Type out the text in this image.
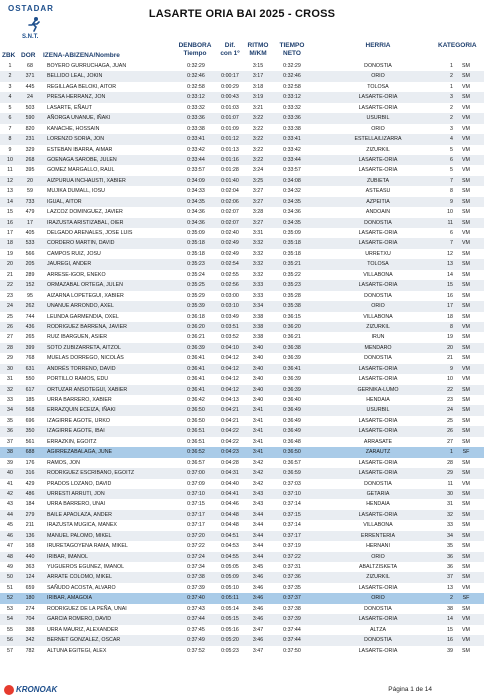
OSTADAR
S.N.T.
LASARTE ORIA BAI 2025 - CROSS
ZBK DOR IZENA-ABIZENA/Nombre
DENBORA
Tiempo
Dif.
con 1º
RITMO
M/KM
TIEMPO
NETO
HERRIA	KATEGORIA
1	68	BOYERO GURRUCHAGA, JUAN	0:32:29	3:15	0:32:29	DONOSTIA	1	SM
2	371	BELLIDO LEAL, JOKIN	0:32:46	0:00:17	3:17	0:32:46	ORIO	2	SM
3	445	REGILLAGA BELOKI, AITOR	0:32:58	0:00:29	3:18	0:32:58	TOLOSA	1	VM
4	24	PRESA HERRANZ, JON	0:33:12	0:00:43	3:19	0:33:12	LASARTE-ORIA	3	SM
5	503	LASARTE, EÑAUT	0:33:32	0:01:03	3:21	0:33:32	LASARTE-ORIA	2	VM
6	590	AÑORGA UNANUE, IÑAKI	0:33:36	0:01:07	3:22	0:33:36	USURBIL	2	VM
7	820	KANACHE, HOSSAIN	0:33:38	0:01:09	3:22	0:33:38	ORIO	3	VM
8	231	LORENZO SORIA, JON	0:33:41	0:01:12	3:22	0:33:41	ESTELLA/LIZARRA	4	VM
9	329	ESTEBAN IBARRA, AIMAR	0:33:42	0:01:13	3:22	0:33:42	ZIZURKIL	5	VM
10	268	GOENAGA SAROBE, JULEN	0:33:44	0:01:16	3:22	0:33:44	LASARTE-ORIA	6	VM
11	395	GOMEZ MARGALLO, RAUL	0:33:57	0:01:28	3:24	0:33:57	LASARTE-ORIA	5	VM
12	20	AIZPURUA INCHAUSTI, XABIER	0:34:09	0:01:40	3:25	0:34:08	ZUBIETA	7	SM
13	59	MUJIKA DUMALL, IOSU	0:34:33	0:02:04	3:27	0:34:32	ASTEASU	8	SM
14	733	IGUAL, AITOR	0:34:35	0:02:06	3:27	0:34:35	AZPEITIA	9	SM
15	479	LAZCOZ DOMINGUEZ, JAVIER	0:34:36	0:02:07	3:28	0:34:36	ANDOAIN	10	SM
16	17	IRAZUSTA ARISTIZABAL, OIER	0:34:36	0:02:07	3:27	0:34:35	DONOSTIA	11	SM
17	405	DELGADO ARENALES, JOSE LUIS	0:35:09	0:02:40	3:31	0:35:09	LASARTE-ORIA	6	VM
18	533	CORDERO MARTIN, DAVID	0:35:18	0:02:49	3:32	0:35:18	LASARTE-ORIA	7	VM
19	566	CAMPOS RUIZ, JOSU	0:35:18	0:02:49	3:32	0:35:18	URRETXU	12	SM
20	205	JAUREGI, ANDER	0:35:23	0:02:54	3:32	0:35:21	TOLOSA	13	SM
21	289	ARRESE-IGOR, ENEKO	0:35:24	0:02:55	3:32	0:35:22	VILLABONA	14	SM
22	152	ORMAZABAL ORTEGA, JULEN	0:35:25	0:02:56	3:33	0:35:23	LASARTE-ORIA	15	SM
23	95	AIZARNA LOPETEGUI, XABIER	0:35:29	0:03:00	3:33	0:35:28	DONOSTIA	16	SM
24	262	UNANUE ARRONDO, AXEL	0:35:39	0:03:10	3:34	0:35:38	ORIO	17	SM
25	744	LEUNDA GARMENDIA, OXEL	0:36:18	0:03:49	3:38	0:36:15	VILLABONA	18	SM
26	436	RODRIGUEZ BARRENA, JAVIER	0:36:20	0:03:51	3:38	0:36:20	ZIZURKIL	8	VM
27	265	RUIZ IBARGUEN, ASIER	0:36:21	0:03:52	3:38	0:36:21	IRUN	19	SM
28	399	SOTO ZUBIZARRETA, AITZOL	0:36:39	0:04:10	3:40	0:36:38	MENDARO	20	SM
29	768	MUELAS DORREGO, NICOLÁS	0:36:41	0:04:12	3:40	0:36:39	DONOSTIA	21	SM
30	631	ANDRÉS TORRENO, DAVID	0:36:41	0:04:12	3:40	0:36:41	LASARTE-ORIA	9	VM
31	550	PORTILLO RAMOS, EDU	0:36:41	0:04:12	3:40	0:36:39	LASARTE-ORIA	10	VM
32	617	ORTUZAR ANSOTEGUI, XABIER	0:36:41	0:04:12	3:40	0:36:39	GERNIKA-LUMO	22	SM
33	185	URRA BARRERO, XABIER	0:36:42	0:04:13	3:40	0:36:40	HENDAIA	23	SM
34	568	ERRAZQUIN ECEIZA, IÑAKI	0:36:50	0:04:21	3:41	0:36:49	USURBIL	24	SM
35	696	IZAGIRRE AGOTE, URKO	0:36:50	0:04:21	3:41	0:36:49	LASARTE-ORIA	25	SM
36	350	IZAGIRRE AGOTE, IBAI	0:36:51	0:04:22	3:41	0:36:49	LASARTE-ORIA	26	SM
37	561	ERRAZKIN, EGOITZ	0:36:51	0:04:22	3:41	0:36:48	ARRASATE	27	SM
38	688	AGIRREZABALAGA, JUNE	0:36:52	0:04:23	3:41	0:36:50	ZARAUTZ	1	SF
39	176	RAMOS, JON	0:36:57	0:04:28	3:42	0:36:57	LASARTE-ORIA	28	SM
40	316	RODRIGUEZ ESCRIBANO, EGOITZ	0:37:00	0:04:31	3:42	0:36:59	LASARTE-ORIA	29	SM
41	429	PRADOS LOZANO, DAVID	0:37:09	0:04:40	3:42	0:37:03	DONOSTIA	11	VM
42	486	URRESTI ARRUTI, JON	0:37:10	0:04:41	3:43	0:37:10	GETARIA	30	SM
43	184	URRA BARRERO, UNAI	0:37:15	0:04:46	3:43	0:37:14	HENDAIA	31	SM
44	279	BAILE APAOLAZA, ANDER	0:37:17	0:04:48	3:44	0:37:15	LASARTE-ORIA	32	SM
45	211	IRAZUSTA MUGICA, MANEX	0:37:17	0:04:48	3:44	0:37:14	VILLABONA	33	SM
46	136	MANUEL PALOMO, MIKEL	0:37:20	0:04:51	3:44	0:37:17	ERRENTERIA	34	SM
47	168	IRURETAGOYENA RAMA, MIKEL	0:37:22	0:04:53	3:44	0:37:19	HERNANI	35	SM
48	440	IRIBAR, IMANOL	0:37:24	0:04:55	3:44	0:37:22	ORIO	36	SM
49	363	YUGUEROS EGUNEZ, IMANOL	0:37:34	0:05:05	3:45	0:37:31	ABALTZISKETA	36	SM
50	124	ARRATE COLOMO, MIKEL	0:37:38	0:05:09	3:46	0:37:36	ZIZURKIL	37	SM
51	659	SAÑUDO ACOSTA, ALVARO	0:37:39	0:05:10	3:46	0:37:35	LASARTE-ORIA	13	VM
52	180	IRIBAR, AMAGOIA	0:37:40	0:05:11	3:46	0:37:37	ORIO	2	SF
53	274	RODRIGUEZ DE LA PEÑA, UNAI	0:37:43	0:05:14	3:46	0:37:38	DONOSTIA	38	SM
54	704	GARCIA ROMERO, DAVID	0:37:44	0:05:15	3:46	0:37:39	LASARTE-ORIA	14	VM
55	388	URRA MAURIZ, ALEXANDER	0:37:45	0:05:16	3:47	0:37:44	ALTZA	15	VM
56	342	BERNET GONZALEZ, OSCAR	0:37:49	0:05:20	3:46	0:37:44	DONOSTIA	16	VM
57	782	ALTUNA EGITEGI, ALEX	0:37:52	0:05:23	3:47	0:37:50	LASARTE-ORIA	39	SM
KRONOAK	Página 1 de 14
